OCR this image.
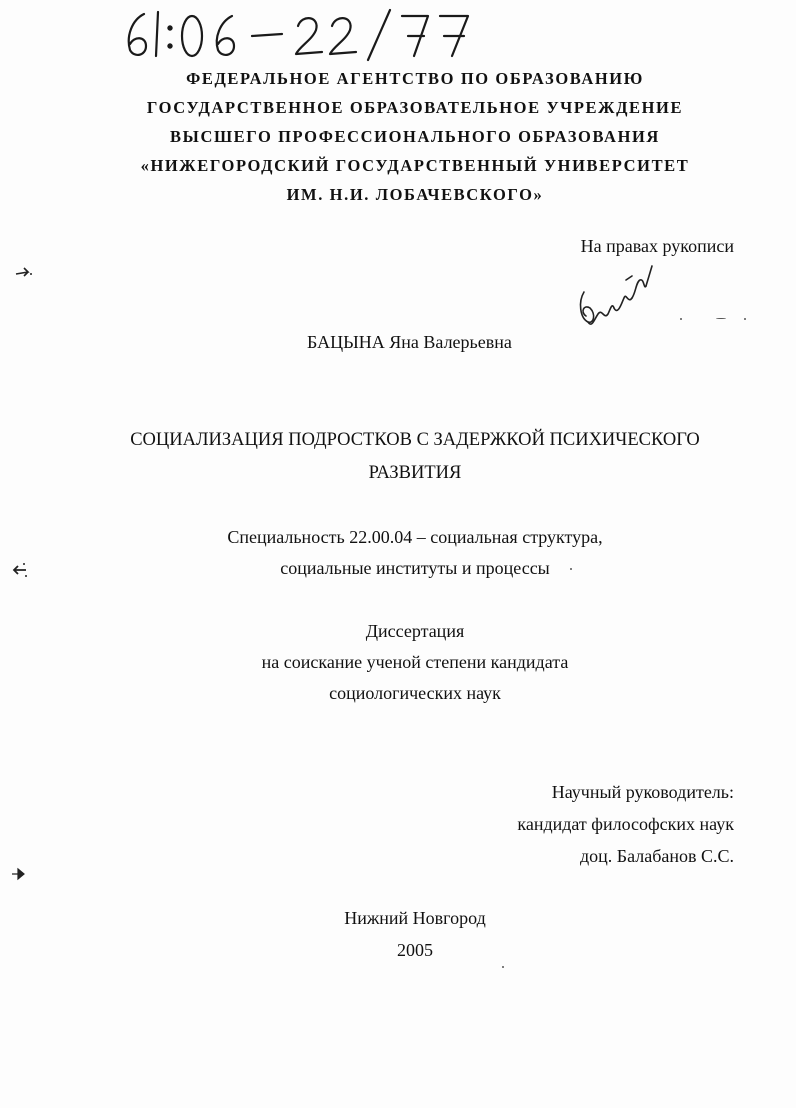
61:06-22/77
ФЕДЕРАЛЬНОЕ АГЕНТСТВО ПО ОБРАЗОВАНИЮ
ГОСУДАРСТВЕННОЕ ОБРАЗОВАТЕЛЬНОЕ УЧРЕЖДЕНИЕ
ВЫСШЕГО ПРОФЕССИОНАЛЬНОГО ОБРАЗОВАНИЯ
«НИЖЕГОРОДСКИЙ ГОСУДАРСТВЕННЫЙ УНИВЕРСИТЕТ
ИМ. Н.И. ЛОБАЧЕВСКОГО»
На правах рукописи
БАЦЫНА Яна Валерьевна
СОЦИАЛИЗАЦИЯ ПОДРОСТКОВ С ЗАДЕРЖКОЙ ПСИХИЧЕСКОГО
РАЗВИТИЯ
Специальность 22.00.04 – социальная структура,
социальные институты и процессы
Диссертация
на соискание ученой степени кандидата
социологических наук
Научный руководитель:
кандидат философских наук
доц. Балабанов С.С.
Нижний Новгород
2005
